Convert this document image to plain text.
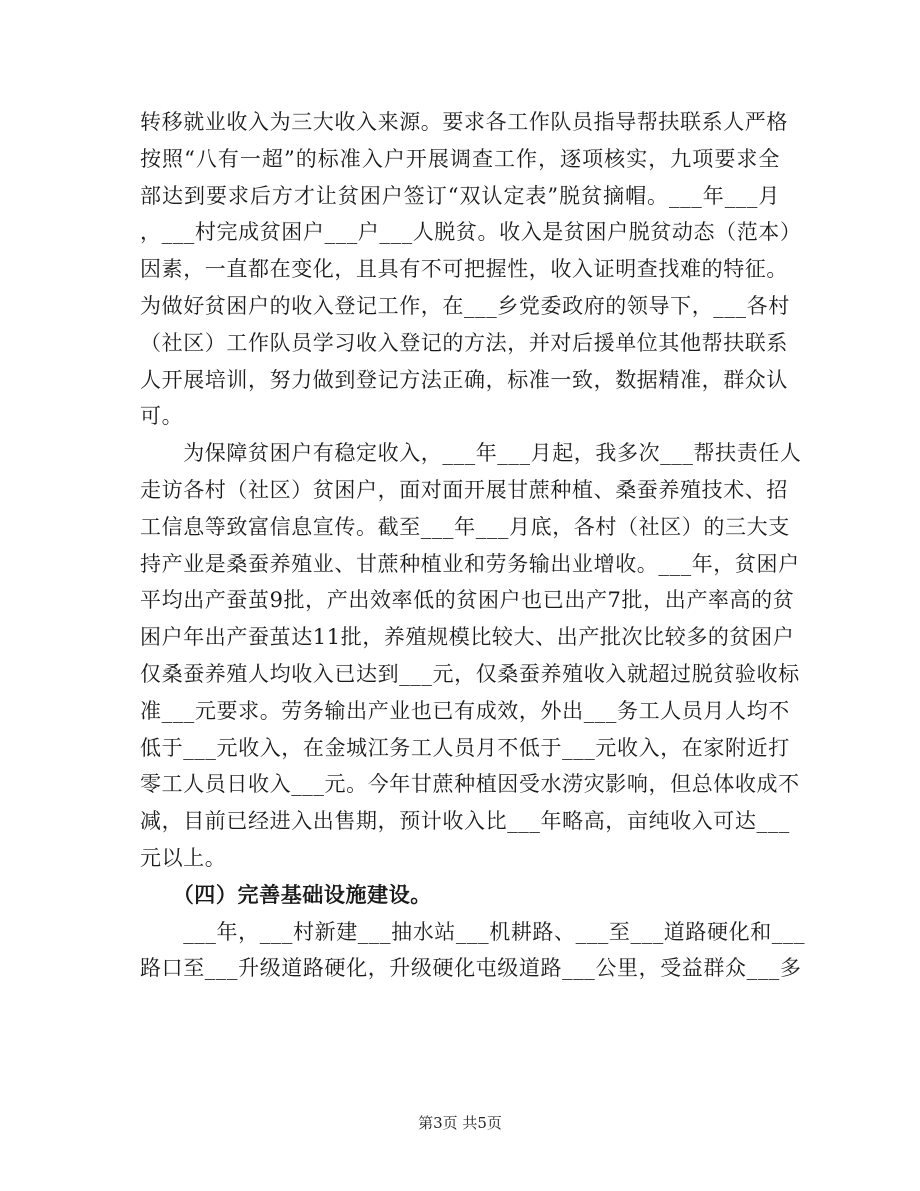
转移就业收入为三大收入来源。要求各工作队员指导帮扶联系人严格
按照“八有一超”的标准入户开展调查工作，逐项核实，九项要求全
部达到要求后方才让贫困户签订“双认定表”脱贫摘帽。___年___月
，___村完成贫困户___户___人脱贫。收入是贫困户脱贫动态（范本）
因素，一直都在变化，且具有不可把握性，收入证明查找难的特征。
为做好贫困户的收入登记工作，在___乡党委政府的领导下，___各村
（社区）工作队员学习收入登记的方法，并对后援单位其他帮扶联系
人开展培训，努力做到登记方法正确，标准一致，数据精准，群众认
可。
　　为保障贫困户有稳定收入，___年___月起，我多次___帮扶责任人
走访各村（社区）贫困户，面对面开展甘蔗种植、桑蚕养殖技术、招
工信息等致富信息宣传。截至___年___月底，各村（社区）的三大支
持产业是桑蚕养殖业、甘蔗种植业和劳务输出业增收。___年，贫困户
平均出产蚕茧9批，产出效率低的贫困户也已出产7批，出产率高的贫
困户年出产蚕茧达11批，养殖规模比较大、出产批次比较多的贫困户
仅桑蚕养殖人均收入已达到___元，仅桑蚕养殖收入就超过脱贫验收标
准___元要求。劳务输出产业也已有成效，外出___务工人员月人均不
低于___元收入，在金城江务工人员月不低于___元收入，在家附近打
零工人员日收入___元。今年甘蔗种植因受水涝灾影响，但总体收成不
减，目前已经进入出售期，预计收入比___年略高，亩纯收入可达___
元以上。
　　（四）完善基础设施建设。
　　___年，___村新建___抽水站___机耕路、___至___道路硬化和___
路口至___升级道路硬化，升级硬化屯级道路___公里，受益群众___多
第3页 共5页
